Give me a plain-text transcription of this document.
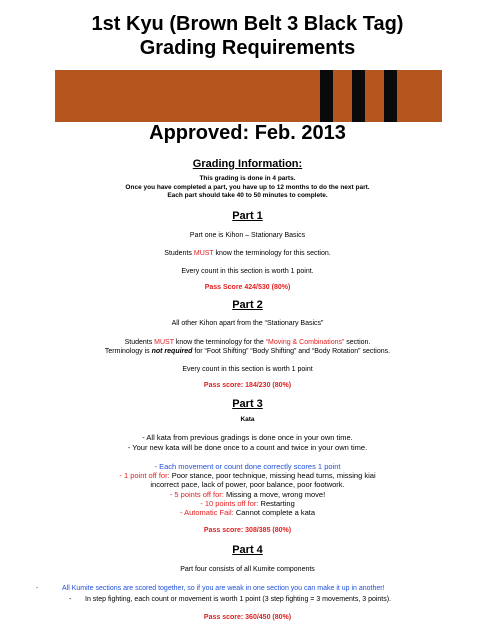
1st Kyu (Brown Belt 3 Black Tag)
Grading Requirements
Approved: Feb. 2013
Grading Information:
This grading is done in 4 parts.
Once you have completed a part, you have up to 12 months to do the next part.
Each part should take 40 to 50 minutes to complete.
Part 1
Part one is Kihon – Stationary Basics
Students MUST know the terminology for this section.
Every count in this section is worth 1 point.
Pass Score 424/530 (80%)
Part 2
All other Kihon apart from the “Stationary Basics”
Students MUST know the terminology for the “Moving & Combinations” section.
Terminology is not required for “Foot Shifting” “Body Shifting” and “Body Rotation” sections.
Every count in this section is worth 1 point
Pass score: 184/230 (80%)
Part 3
Kata
- All kata from previous gradings is done once in your own time.
- Your new kata will be done once to a count and twice in your own time.
- Each movement or count done correctly scores 1 point
- 1 point off for: Poor stance, poor technique, missing head turns, missing kiai
incorrect pace, lack of power, poor balance, poor footwork.
- 5 points off for: Missing a move, wrong move!
- 10 points off for: Restarting
- Automatic Fail: Cannot complete a kata
Pass score: 308/385 (80%)
Part 4
Part four consists of all Kumite components
-	All Kumite sections are scored together, so if you are weak in one section you can make it up in another!
- In step fighting, each count or movement is worth 1 point (3 step fighting = 3 movements, 3 points).
Pass score: 360/450 (80%)
